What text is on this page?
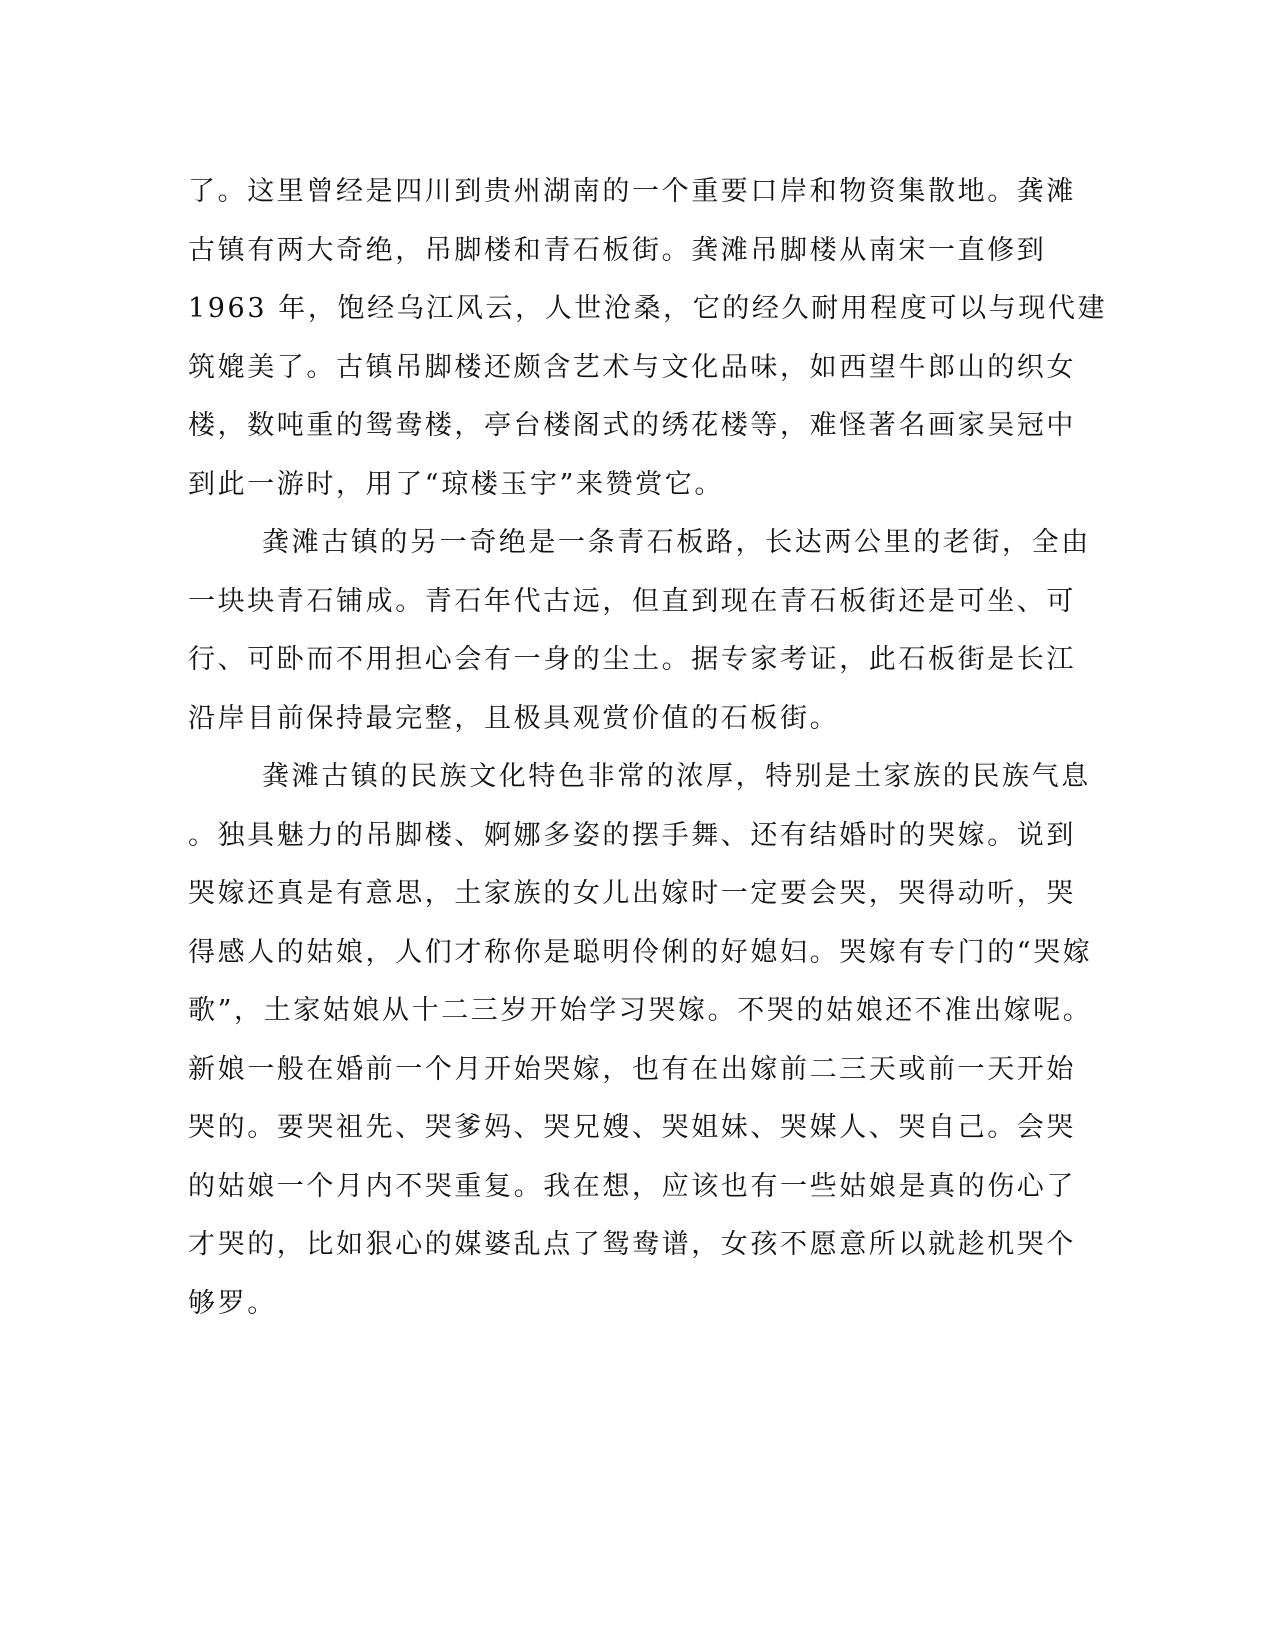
了。这里曾经是四川到贵州湖南的一个重要口岸和物资集散地。龚滩
古镇有两大奇绝，吊脚楼和青石板街。龚滩吊脚楼从南宋一直修到
1963 年，饱经乌江风云，人世沧桑，它的经久耐用程度可以与现代建
筑媲美了。古镇吊脚楼还颇含艺术与文化品味，如西望牛郎山的织女
楼，数吨重的鸳鸯楼，亭台楼阁式的绣花楼等，难怪著名画家吴冠中
到此一游时，用了“琼楼玉宇”来赞赏它。
龚滩古镇的另一奇绝是一条青石板路，长达两公里的老街，全由
一块块青石铺成。青石年代古远，但直到现在青石板街还是可坐、可
行、可卧而不用担心会有一身的尘土。据专家考证，此石板街是长江
沿岸目前保持最完整，且极具观赏价值的石板街。
龚滩古镇的民族文化特色非常的浓厚，特别是土家族的民族气息
。独具魅力的吊脚楼、婀娜多姿的摆手舞、还有结婚时的哭嫁。说到
哭嫁还真是有意思，土家族的女儿出嫁时一定要会哭，哭得动听，哭
得感人的姑娘，人们才称你是聪明伶俐的好媳妇。哭嫁有专门的“哭嫁
歌”，土家姑娘从十二三岁开始学习哭嫁。不哭的姑娘还不准出嫁呢。
新娘一般在婚前一个月开始哭嫁，也有在出嫁前二三天或前一天开始
哭的。要哭祖先、哭爹妈、哭兄嫂、哭姐妹、哭媒人、哭自己。会哭
的姑娘一个月内不哭重复。我在想，应该也有一些姑娘是真的伤心了
才哭的，比如狠心的媒婆乱点了鸳鸯谱，女孩不愿意所以就趁机哭个
够罗。
